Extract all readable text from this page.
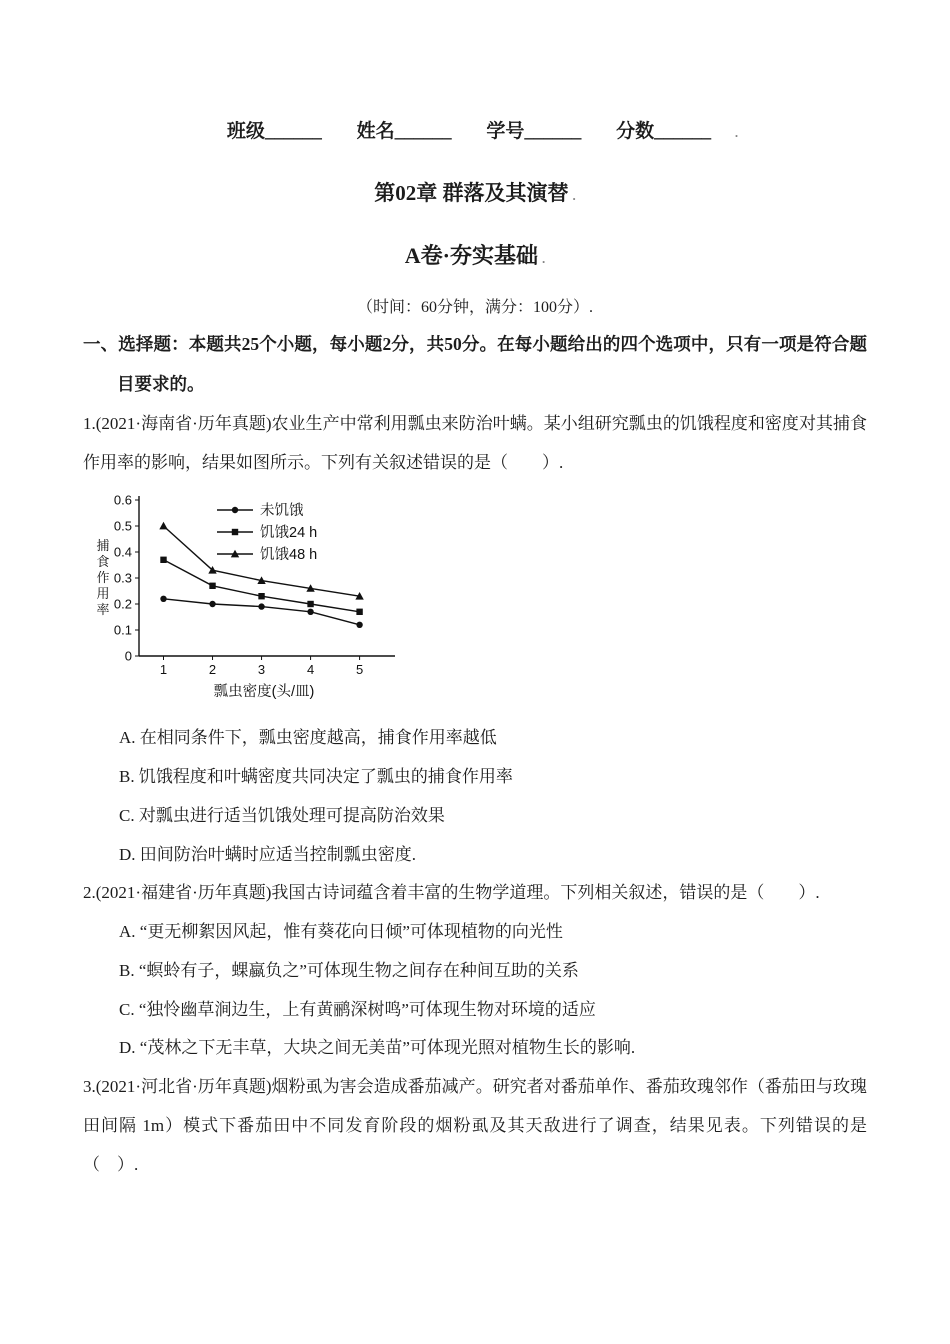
班级______ 姓名______ 学号______ 分数______ .
第02章 群落及其演替 .
A卷·夯实基础 .

（时间：60分钟，满分：100分）.

一、选择题：本题共25个小题，每小题2分，共50分。在每小题给出的四个选项中，只有一项是符合题目要求的。

1.(2021·海南省·历年真题)农业生产中常利用瓢虫来防治叶螨。某小组研究瓢虫的饥饿程度和密度对其捕食作用率的影响，结果如图所示。下列有关叙述错误的是（　　）.

0
0.1
0.2
0.3
0.4
0.5
0.6
1	2	3	4	5
瓢虫密度(头/皿)
捕
食
作
用
率
未饥饿
饥饿24 h
饥饿48 h

A. 在相同条件下，瓢虫密度越高，捕食作用率越低

B. 饥饿程度和叶螨密度共同决定了瓢虫的捕食作用率

C. 对瓢虫进行适当饥饿处理可提高防治效果

D. 田间防治叶螨时应适当控制瓢虫密度.

2.(2021·福建省·历年真题)我国古诗词蕴含着丰富的生物学道理。下列相关叙述，错误的是（　　）.

A. “更无柳絮因风起，惟有葵花向日倾”可体现植物的向光性

B. “螟蛉有子，蜾蠃负之”可体现生物之间存在种间互助的关系

C. “独怜幽草涧边生，上有黄鹂深树鸣”可体现生物对环境的适应

D. “茂林之下无丰草，大块之间无美苗”可体现光照对植物生长的影响.

3.(2021·河北省·历年真题)烟粉虱为害会造成番茄减产。研究者对番茄单作、番茄玫瑰邻作（番茄田与玫瑰田间隔 1m）模式下番茄田中不同发育阶段的烟粉虱及其天敌进行了调查，结果见表。下列错误的是（　）.
